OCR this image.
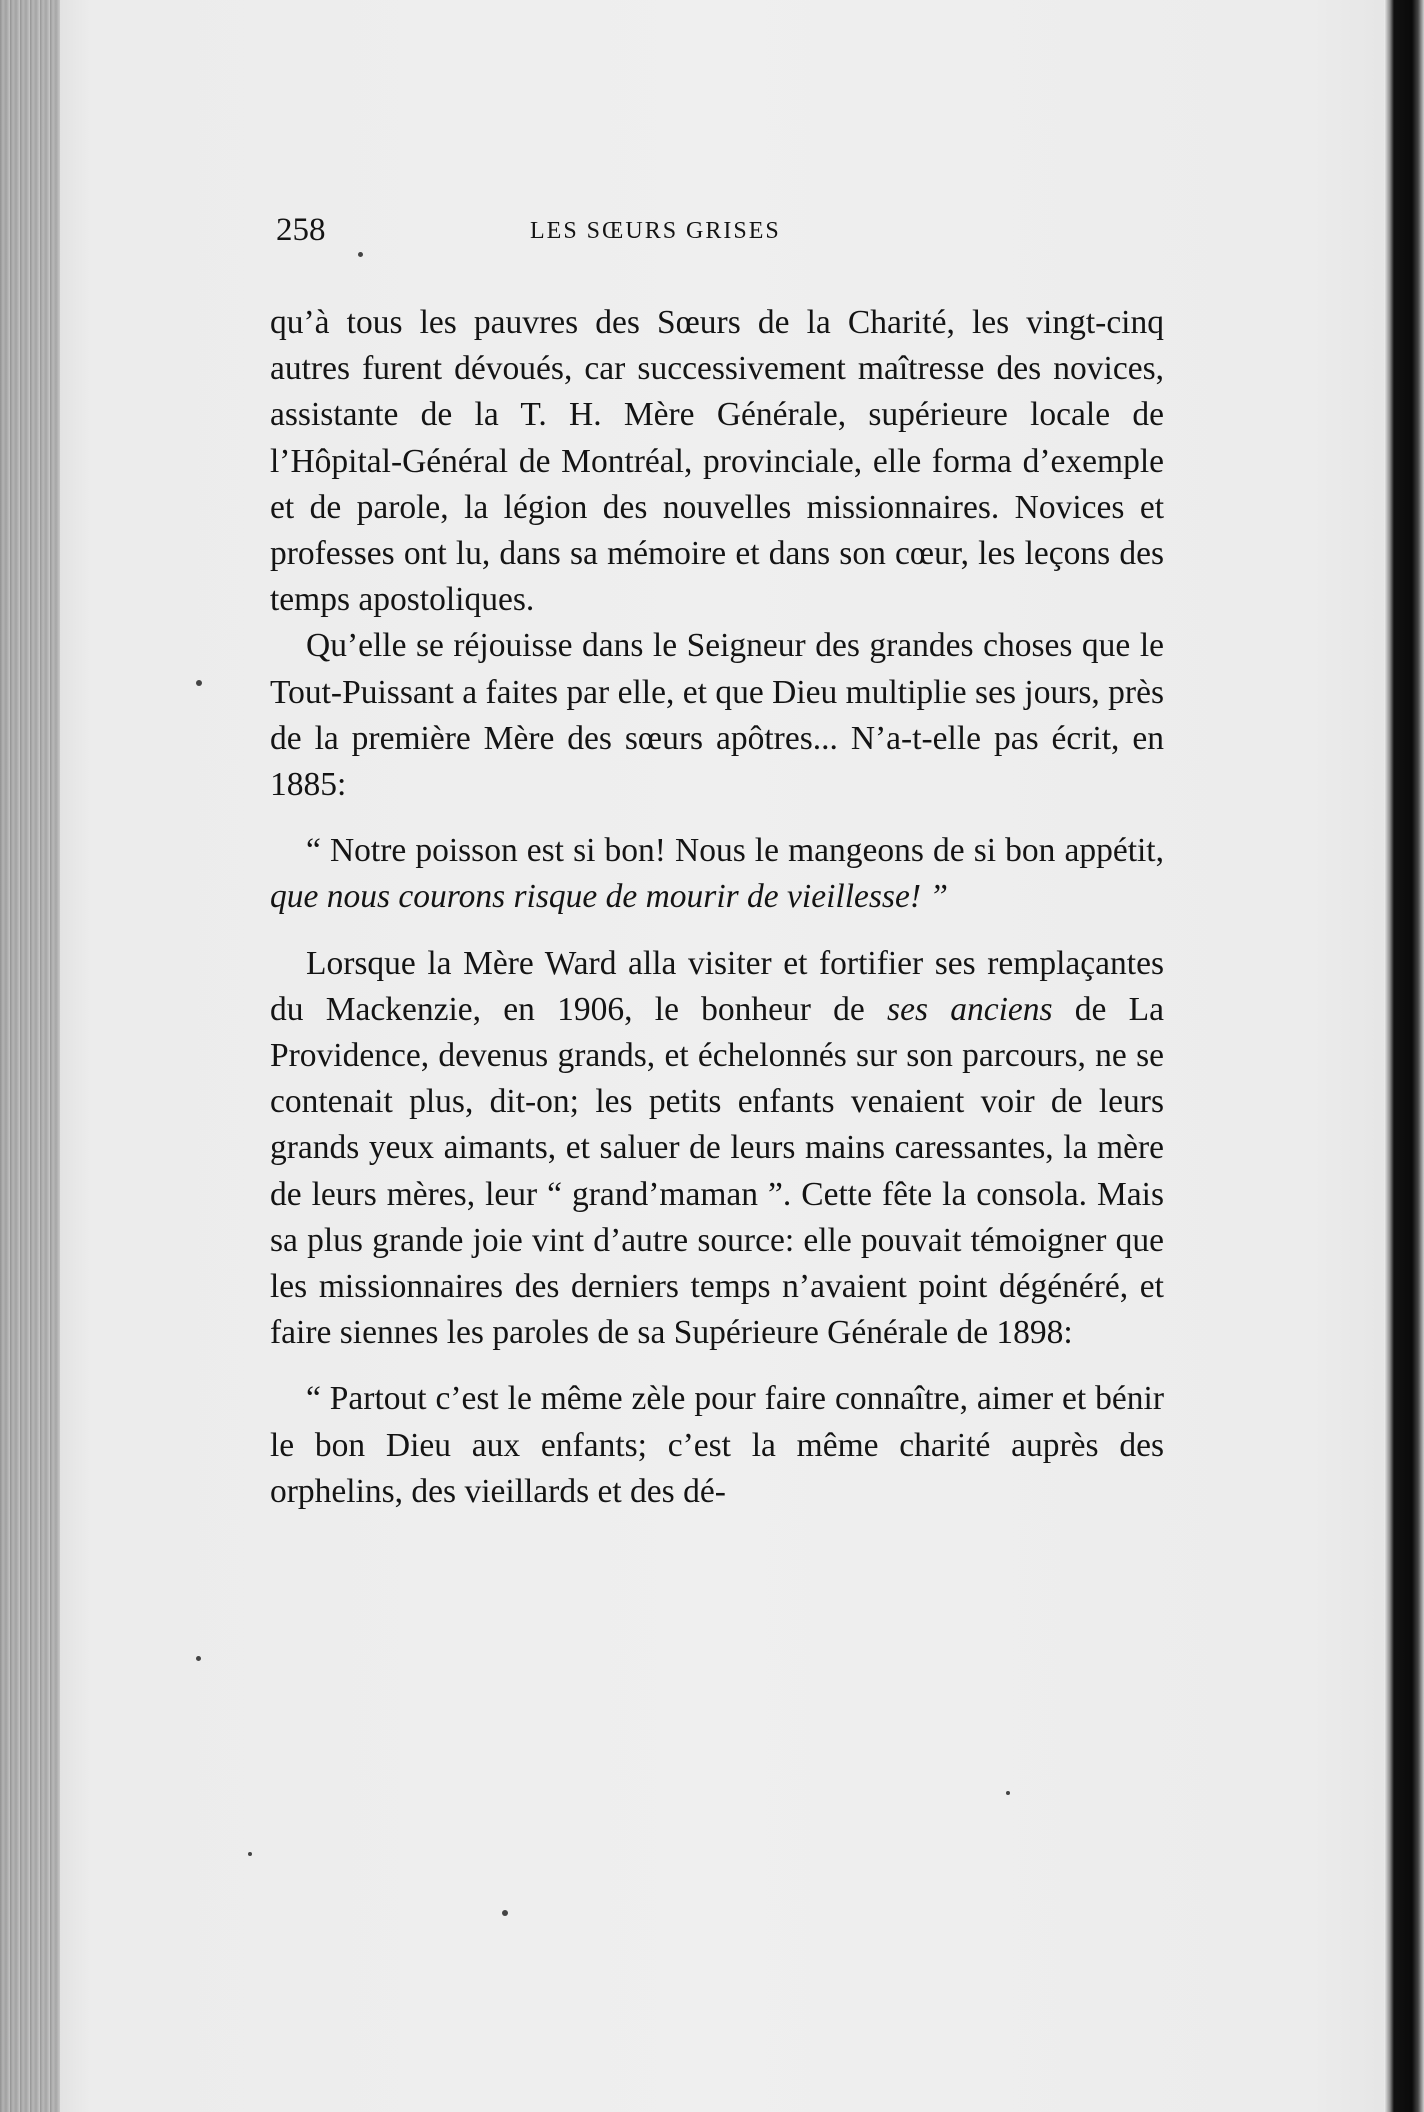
258	LES SŒURS GRISES

qu’à tous les pauvres des Sœurs de la Charité, les vingt-cinq autres furent dévoués, car successivement maîtresse des novices, assistante de la T. H. Mère Générale, supérieure locale de l’Hôpital-Général de Montréal, provinciale, elle forma d’exemple et de parole, la légion des nouvelles missionnaires. Novices et professes ont lu, dans sa mémoire et dans son cœur, les leçons des temps apostoliques.

Qu’elle se réjouisse dans le Seigneur des grandes choses que le Tout-Puissant a faites par elle, et que Dieu multiplie ses jours, près de la première Mère des sœurs apôtres... N’a-t-elle pas écrit, en 1885:

“ Notre poisson est si bon! Nous le mangeons de si bon appétit, que nous courons risque de mourir de vieillesse! ”

Lorsque la Mère Ward alla visiter et fortifier ses remplaçantes du Mackenzie, en 1906, le bonheur de ses anciens de La Providence, devenus grands, et échelonnés sur son parcours, ne se contenait plus, dit-on; les petits enfants venaient voir de leurs grands yeux aimants, et saluer de leurs mains caressantes, la mère de leurs mères, leur “ grand’maman ”. Cette fête la consola. Mais sa plus grande joie vint d’autre source: elle pouvait témoigner que les missionnaires des derniers temps n’avaient point dégénéré, et faire siennes les paroles de sa Supérieure Générale de 1898:

“ Partout c’est le même zèle pour faire connaître, aimer et bénir le bon Dieu aux enfants; c’est la même charité auprès des orphelins, des vieillards et des dé-
